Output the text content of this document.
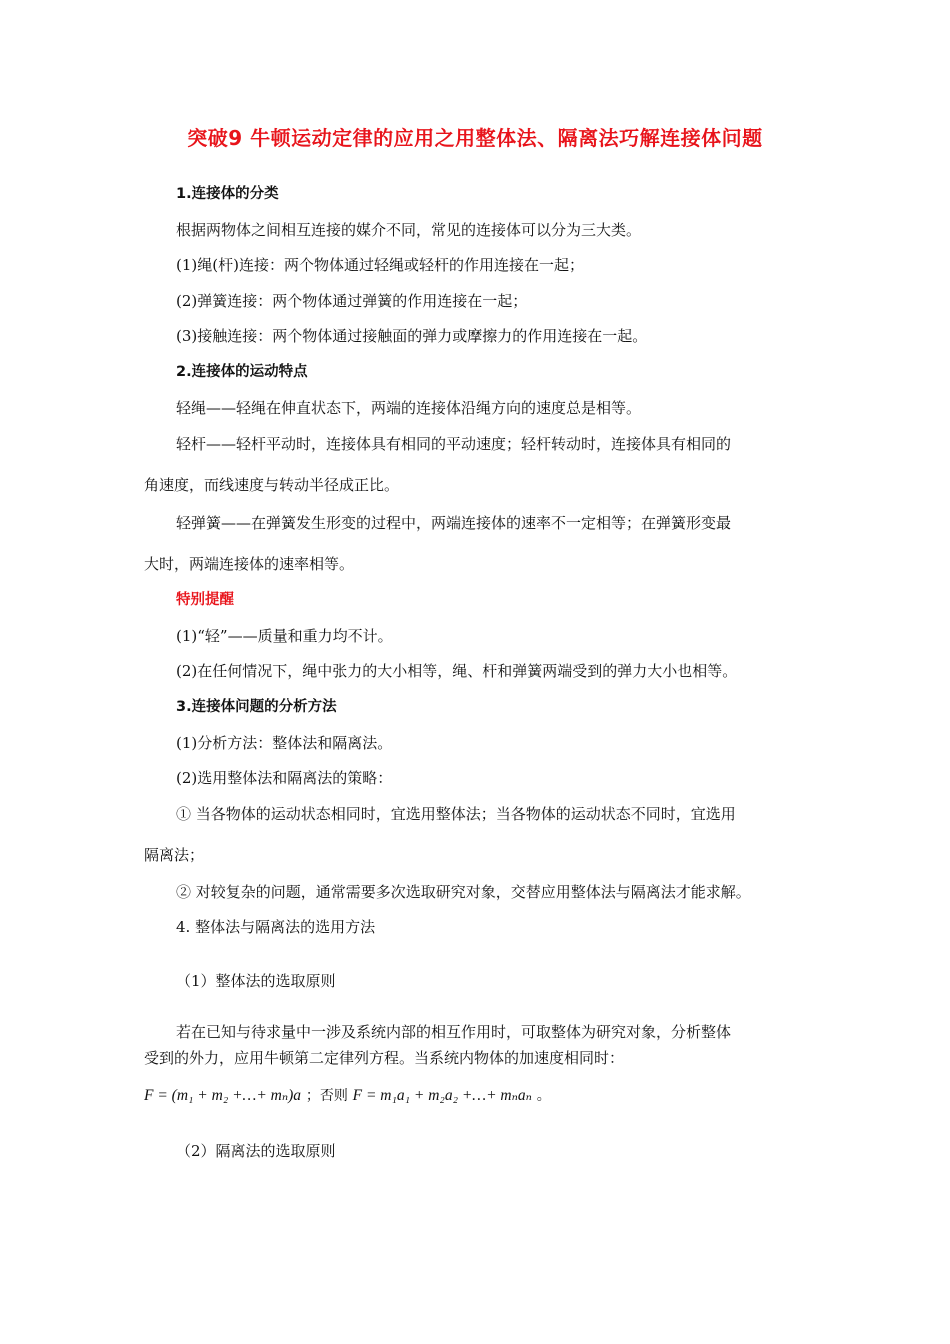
突破9 牛顿运动定律的应用之用整体法、隔离法巧解连接体问题
1.连接体的分类
根据两物体之间相互连接的媒介不同，常见的连接体可以分为三大类。
(1)绳(杆)连接：两个物体通过轻绳或轻杆的作用连接在一起；
(2)弹簧连接：两个物体通过弹簧的作用连接在一起；
(3)接触连接：两个物体通过接触面的弹力或摩擦力的作用连接在一起。
2.连接体的运动特点
轻绳——轻绳在伸直状态下，两端的连接体沿绳方向的速度总是相等。
轻杆——轻杆平动时，连接体具有相同的平动速度；轻杆转动时，连接体具有相同的
角速度，而线速度与转动半径成正比。
轻弹簧——在弹簧发生形变的过程中，两端连接体的速率不一定相等；在弹簧形变最
大时，两端连接体的速率相等。
特别提醒
(1)“轻”——质量和重力均不计。
(2)在任何情况下，绳中张力的大小相等，绳、杆和弹簧两端受到的弹力大小也相等。
3.连接体问题的分析方法
(1)分析方法：整体法和隔离法。
(2)选用整体法和隔离法的策略：
① 当各物体的运动状态相同时，宜选用整体法；当各物体的运动状态不同时，宜选用
隔离法；
② 对较复杂的问题，通常需要多次选取研究对象，交替应用整体法与隔离法才能求解。
4. 整体法与隔离法的选用方法
（1）整体法的选取原则
若在已知与待求量中一涉及系统内部的相互作用时，可取整体为研究对象，分析整体
受到的外力，应用牛顿第二定律列方程。当系统内物体的加速度相同时：
F = (m₁ + m₂ +…+ mₙ)a ；否则 F = m₁a₁ + m₂a₂ +…+ mₙaₙ 。
（2）隔离法的选取原则
